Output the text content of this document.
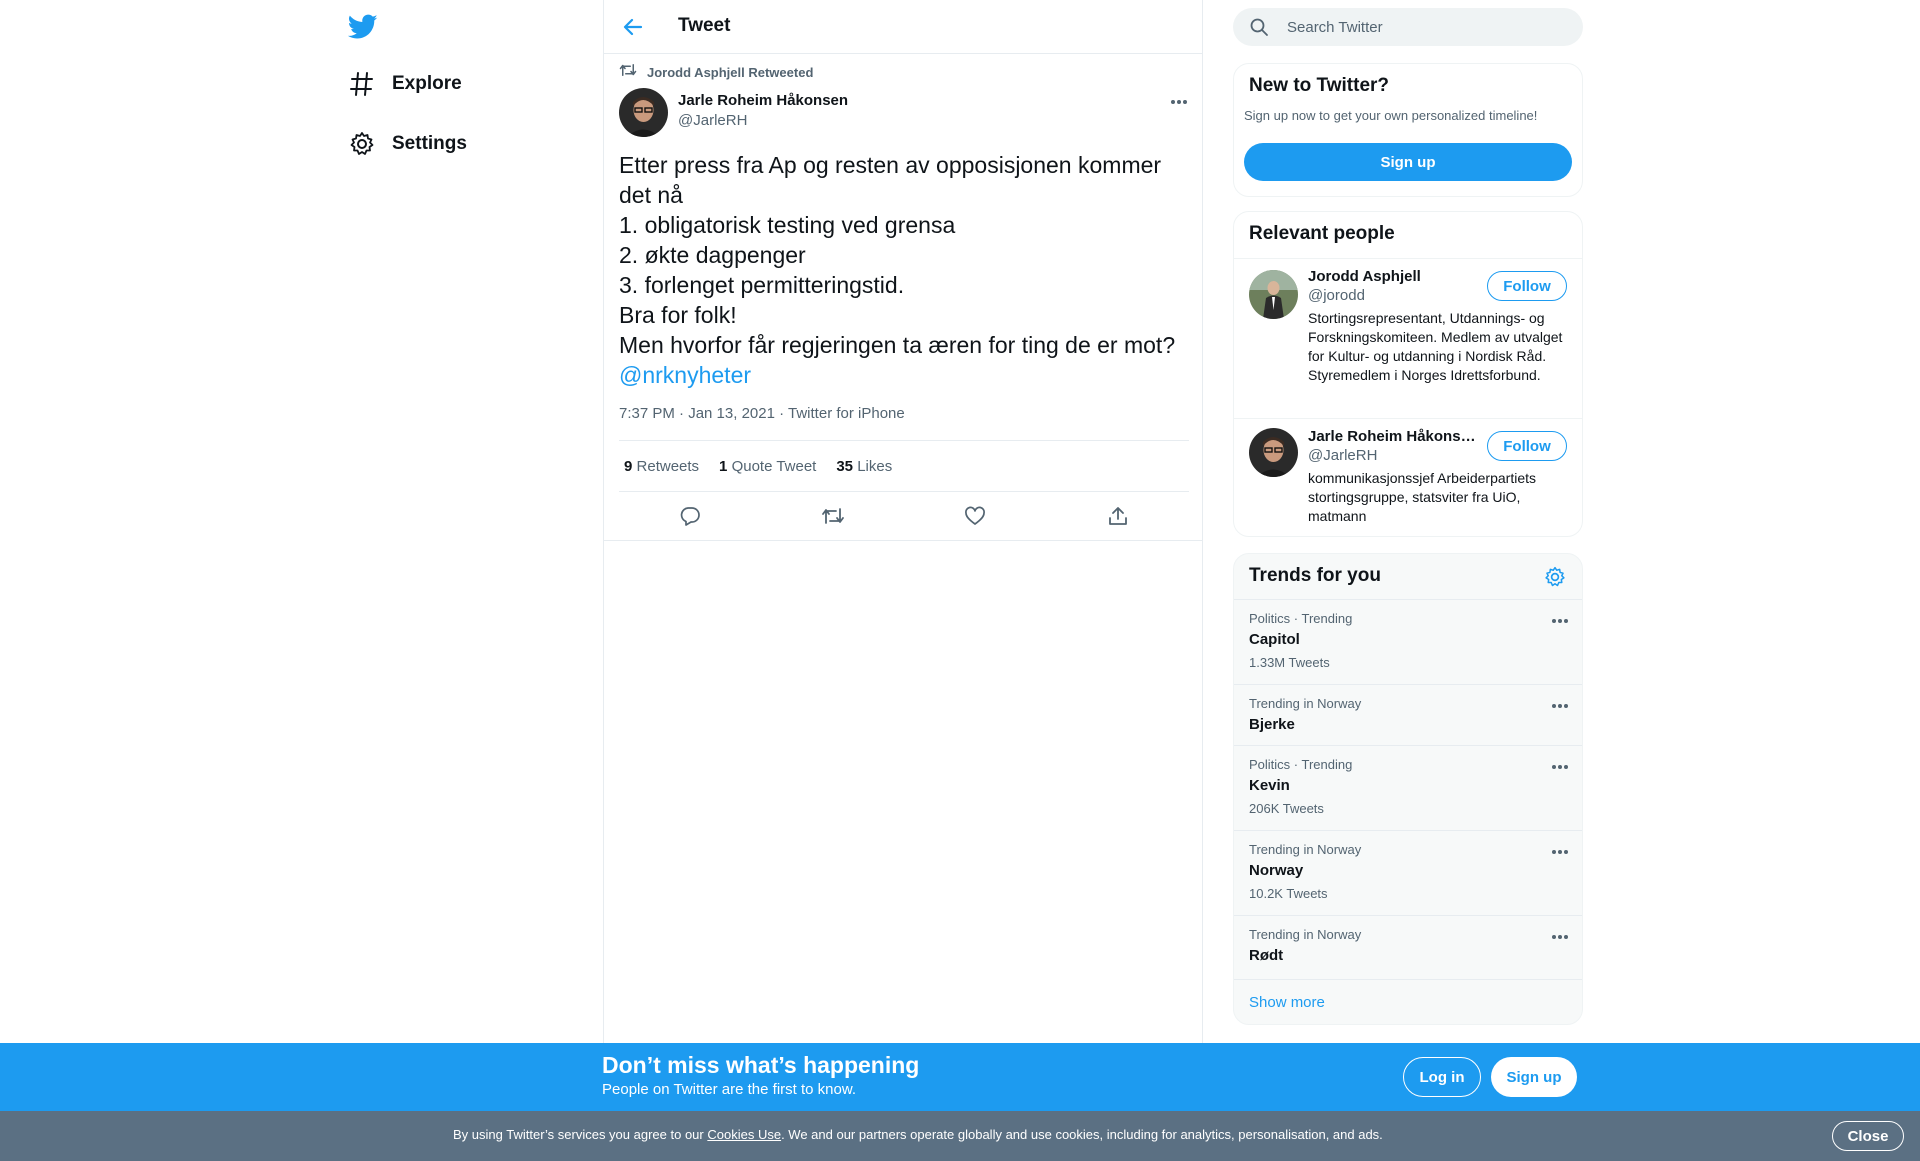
Explore
Settings
Tweet
Jorodd Asphjell Retweeted
Jarle Roheim Håkonsen
@JarleRH
Etter press fra Ap og resten av opposisjonen kommer det nå
1. obligatorisk testing ved grensa
2. økte dagpenger
3. forlenget permitteringstid.
Bra for folk!
Men hvorfor får regjeringen ta æren for ting de er mot?
@nrknyheter
7:37 PM · Jan 13, 2021 · Twitter for iPhone
9 Retweets 1 Quote Tweet 35 Likes
Search Twitter
New to Twitter?
Sign up now to get your own personalized timeline!
Sign up
Relevant people
Jorodd Asphjell
@jorodd
Follow
Stortingsrepresentant, Utdannings- og Forskningskomiteen. Medlem av utvalget for Kultur- og utdanning i Nordisk Råd. Styremedlem i Norges Idrettsforbund.
Jarle Roheim Håkonsen
@JarleRH
Follow
kommunikasjonssjef Arbeiderpartiets stortingsgruppe, statsviter fra UiO, matmann
Trends for you
Politics · Trending
Capitol
1.33M Tweets
Trending in Norway
Bjerke
Politics · Trending
Kevin
206K Tweets
Trending in Norway
Norway
10.2K Tweets
Trending in Norway
Rødt
Show more
Don’t miss what’s happening
People on Twitter are the first to know.
Log in	Sign up
By using Twitter’s services you agree to our Cookies Use. We and our partners operate globally and use cookies, including for analytics, personalisation, and ads.	Close
